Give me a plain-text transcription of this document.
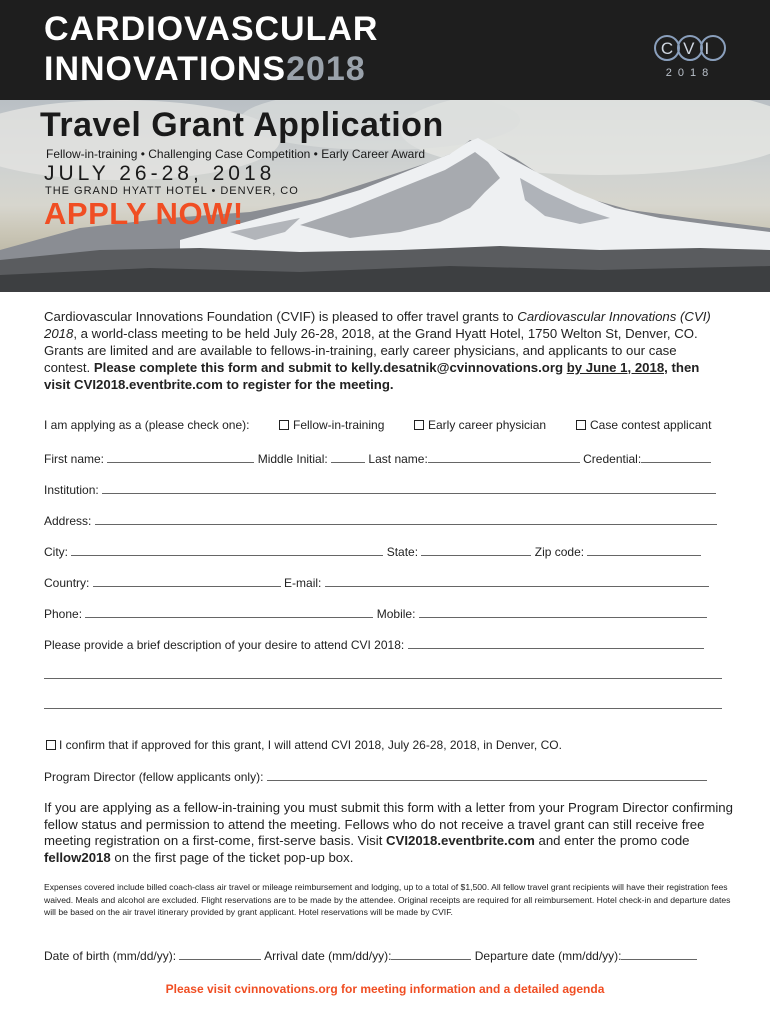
CARDIOVASCULAR
INNOVATIONS2018
CVI
2018
Travel Grant Application
Fellow-in-training • Challenging Case Competition • Early Career Award
JULY 26-28, 2018
THE GRAND HYATT HOTEL • DENVER, CO
APPLY NOW!
Cardiovascular Innovations Foundation (CVIF) is pleased to offer travel grants to Cardiovascular Innovations (CVI) 2018, a world-class meeting to be held July 26-28, 2018, at the Grand Hyatt Hotel, 1750 Welton St, Denver, CO. Grants are limited and are available to fellows-in-training, early career physicians, and applicants to our case contest. Please complete this form and submit to kelly.desatnik@cvinnovations.org by June 1, 2018, then visit CVI2018.eventbrite.com to register for the meeting.
I am applying as a (please check one):	Fellow-in-training	Early career physician	Case contest applicant
First name:	Middle Initial:	Last name:	Credential:
Institution:
Address:
City:	State:	Zip code:
Country:	E-mail:
Phone:	Mobile:
Please provide a brief description of your desire to attend CVI 2018:
I confirm that if approved for this grant, I will attend CVI 2018, July 26-28, 2018, in Denver, CO.
Program Director (fellow applicants only):
If you are applying as a fellow-in-training you must submit this form with a letter from your Program Director confirming fellow status and permission to attend the meeting. Fellows who do not receive a travel grant can still receive free meeting registration on a first-come, first-serve basis. Visit CVI2018.eventbrite.com and enter the promo code fellow2018 on the first page of the ticket pop-up box.
Expenses covered include billed coach-class air travel or mileage reimbursement and lodging, up to a total of $1,500. All fellow travel grant recipients will have their registration fees waived. Meals and alcohol are excluded. Flight reservations are to be made by the attendee. Original receipts are required for all reimbursement. Hotel check-in and departure dates will be based on the air travel itinerary provided by grant applicant. Hotel reservations will be made by CVIF.
Date of birth (mm/dd/yy):	Arrival date (mm/dd/yy):	Departure date (mm/dd/yy):
Please visit cvinnovations.org for meeting information and a detailed agenda
